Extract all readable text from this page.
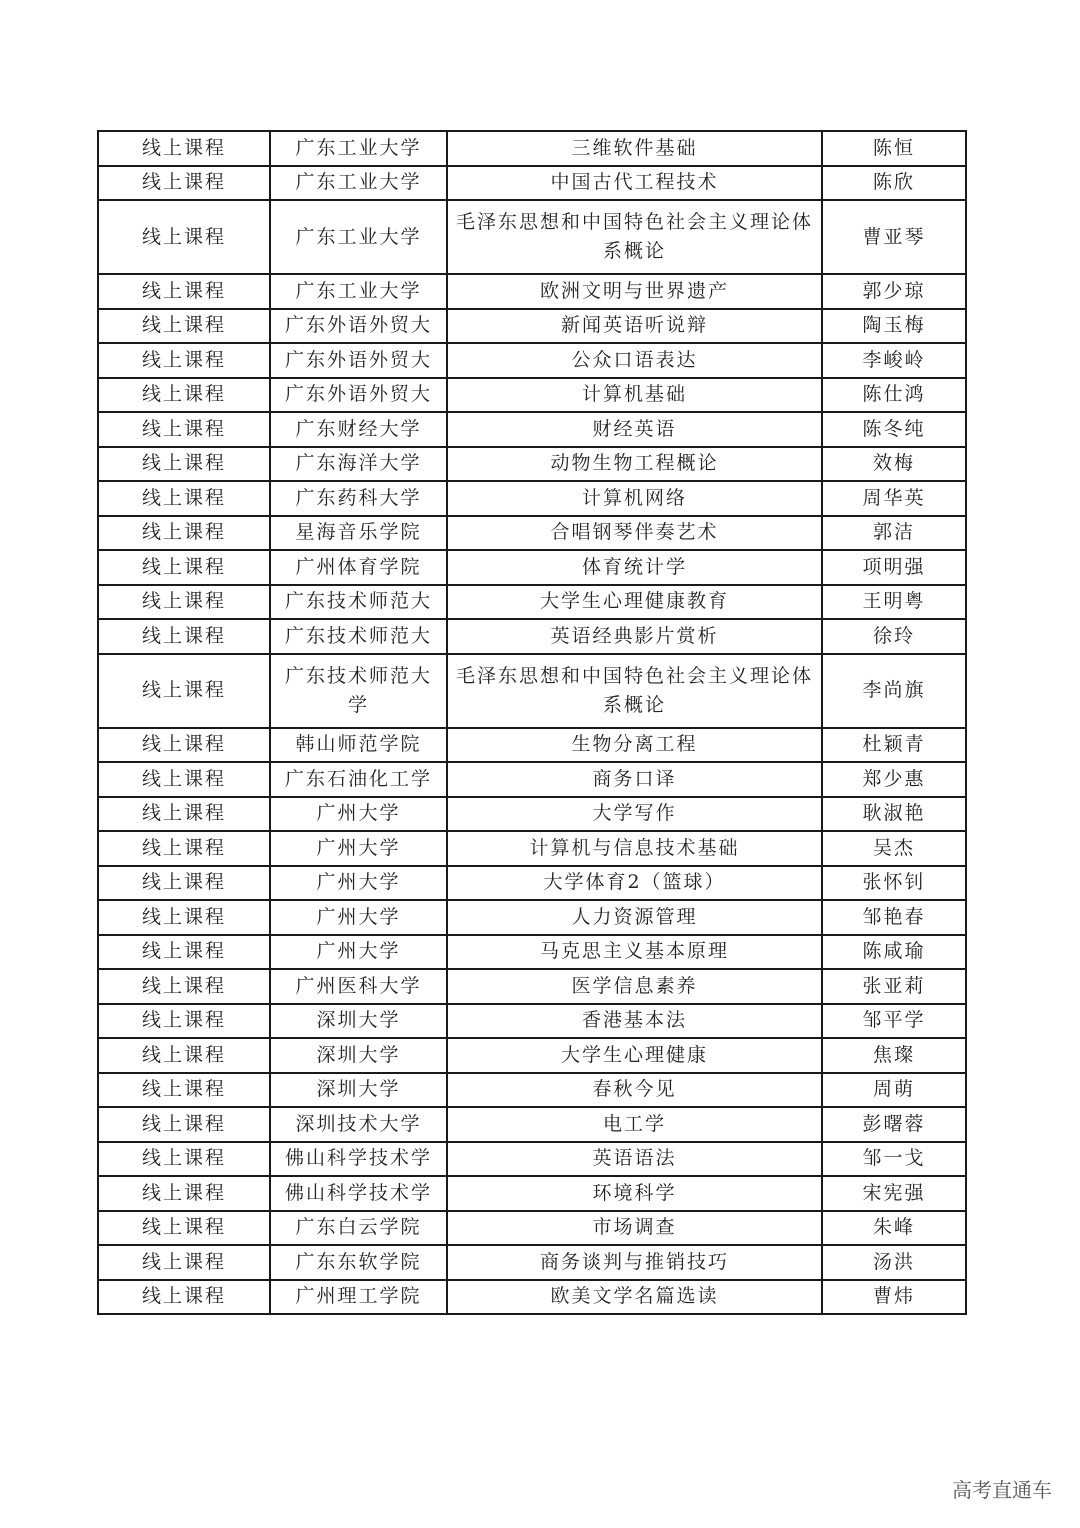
线上课程	广东工业大学	三维软件基础	陈恒
线上课程	广东工业大学	中国古代工程技术	陈欣
线上课程	广东工业大学	毛泽东思想和中国特色社会主义理论体系概论	曹亚琴
线上课程	广东工业大学	欧洲文明与世界遗产	郭少琼
线上课程	广东外语外贸大	新闻英语听说辩	陶玉梅
线上课程	广东外语外贸大	公众口语表达	李峻岭
线上课程	广东外语外贸大	计算机基础	陈仕鸿
线上课程	广东财经大学	财经英语	陈冬纯
线上课程	广东海洋大学	动物生物工程概论	效梅
线上课程	广东药科大学	计算机网络	周华英
线上课程	星海音乐学院	合唱钢琴伴奏艺术	郭洁
线上课程	广州体育学院	体育统计学	项明强
线上课程	广东技术师范大	大学生心理健康教育	王明粤
线上课程	广东技术师范大	英语经典影片赏析	徐玲
线上课程	广东技术师范大学	毛泽东思想和中国特色社会主义理论体系概论	李尚旗
线上课程	韩山师范学院	生物分离工程	杜颖青
线上课程	广东石油化工学	商务口译	郑少惠
线上课程	广州大学	大学写作	耿淑艳
线上课程	广州大学	计算机与信息技术基础	吴杰
线上课程	广州大学	大学体育2（篮球）	张怀钊
线上课程	广州大学	人力资源管理	邹艳春
线上课程	广州大学	马克思主义基本原理	陈咸瑜
线上课程	广州医科大学	医学信息素养	张亚莉
线上课程	深圳大学	香港基本法	邹平学
线上课程	深圳大学	大学生心理健康	焦璨
线上课程	深圳大学	春秋今见	周萌
线上课程	深圳技术大学	电工学	彭曙蓉
线上课程	佛山科学技术学	英语语法	邹一戈
线上课程	佛山科学技术学	环境科学	宋宪强
线上课程	广东白云学院	市场调查	朱峰
线上课程	广东东软学院	商务谈判与推销技巧	汤洪
线上课程	广州理工学院	欧美文学名篇选读	曹炜
高考直通车
